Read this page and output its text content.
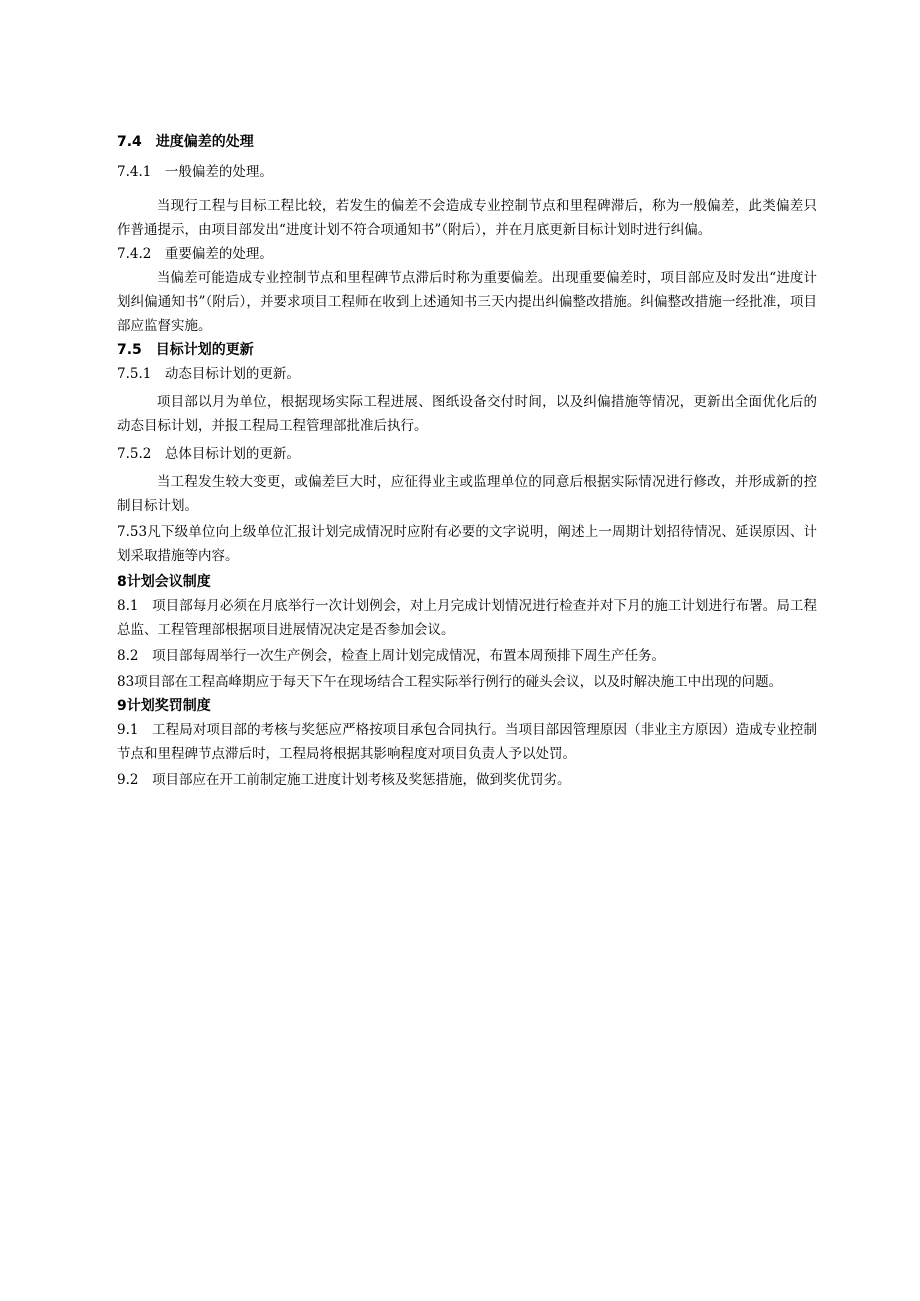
7.4　进度偏差的处理
7.4.1　一般偏差的处理。

当现行工程与目标工程比较，若发生的偏差不会造成专业控制节点和里程碑滞后，称为一般偏差，此类偏差只作普通提示，由项目部发出“进度计划不符合项通知书”（附后），并在月底更新目标计划时进行纠偏。

7.4.2　重要偏差的处理。

当偏差可能造成专业控制节点和里程碑节点滞后时称为重要偏差。出现重要偏差时，项目部应及时发出“进度计划纠偏通知书”（附后），并要求项目工程师在收到上述通知书三天内提出纠偏整改措施。纠偏整改措施一经批准，项目部应监督实施。

7.5　目标计划的更新
7.5.1　动态目标计划的更新。

项目部以月为单位，根据现场实际工程进展、图纸设备交付时间，以及纠偏措施等情况，更新出全面优化后的动态目标计划，并报工程局工程管理部批准后执行。

7.5.2　总体目标计划的更新。

当工程发生较大变更，或偏差巨大时，应征得业主或监理单位的同意后根据实际情况进行修改，并形成新的控制目标计划。

7.53凡下级单位向上级单位汇报计划完成情况时应附有必要的文字说明，阐述上一周期计划招待情况、延误原因、计划采取措施等内容。

8计划会议制度

8.1　项目部每月必须在月底举行一次计划例会，对上月完成计划情况进行检查并对下月的施工计划进行布署。局工程总监、工程管理部根据项目进展情况决定是否参加会议。

8.2　项目部每周举行一次生产例会，检查上周计划完成情况，布置本周预排下周生产任务。

83项目部在工程高峰期应于每天下午在现场结合工程实际举行例行的碰头会议，以及时解决施工中出现的问题。

9计划奖罚制度

9.1　工程局对项目部的考核与奖惩应严格按项目承包合同执行。当项目部因管理原因（非业主方原因）造成专业控制节点和里程碑节点滞后时，工程局将根据其影响程度对项目负责人予以处罚。

9.2　项目部应在开工前制定施工进度计划考核及奖惩措施，做到奖优罚劣。
